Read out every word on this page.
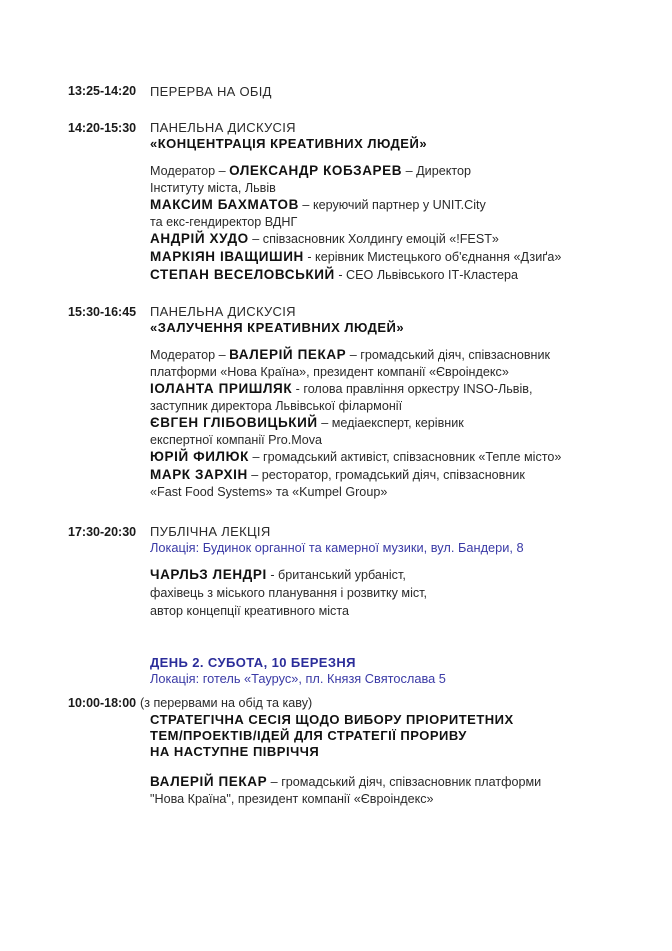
13:25-14:20 ПЕРЕРВА НА ОБІД
14:20-15:30 ПАНЕЛЬНА ДИСКУСІЯ
«КОНЦЕНТРАЦІЯ КРЕАТИВНИХ ЛЮДЕЙ»
Модератор – ОЛЕКСАНДР КОБЗАРЕВ – Директор
Інституту міста, Львів
МАКСИМ БАХМАТОВ – керуючий партнер у UNIT.City
та екс-гендиректор ВДНГ
АНДРІЙ ХУДО – співзасновник Холдингу емоцій «!FEST»
МАРКІЯН ІВАЩИШИН - керівник Мистецького об'єднання «Дзиґа»
СТЕПАН ВЕСЕЛОВСЬКИЙ - CEO Львівського ІТ-Кластера
15:30-16:45 ПАНЕЛЬНА ДИСКУСІЯ
«ЗАЛУЧЕННЯ КРЕАТИВНИХ ЛЮДЕЙ»
Модератор – ВАЛЕРІЙ ПЕКАР – громадський діяч, співзасновник
платформи «Нова Країна», президент компанії «Євроіндекс»
ІОЛАНТА ПРИШЛЯК - голова правління оркестру INSO-Львів,
заступник директора Львівської філармонії
ЄВГЕН ГЛІБОВИЦЬКИЙ – медіаексперт, керівник
експертної компанії Pro.Mova
ЮРІЙ ФИЛЮК – громадський активіст, співзасновник «Тепле місто»
МАРК ЗАРХІН – ресторатор, громадський діяч, співзасновник
«Fast Food Systems» та «Kumpel Group»
17:30-20:30 ПУБЛІЧНА ЛЕКЦІЯ
Локація: Будинок органної та камерної музики, вул. Бандери, 8
ЧАРЛЬЗ ЛЕНДРІ - британський урбаніст,
фахівець з міського планування і розвитку міст,
автор концепції креативного міста
ДЕНЬ 2. СУБОТА, 10 БЕРЕЗНЯ
Локація: готель «Таурус», пл. Князя Святослава 5
10:00-18:00 (з перервами на обід та каву)
СТРАТЕГІЧНА СЕСІЯ ЩОДО ВИБОРУ ПРІОРИТЕТНИХ
ТЕМ/ПРОЕКТІВ/ІДЕЙ ДЛЯ СТРАТЕГІЇ ПРОРИВУ
НА НАСТУПНЕ ПІВРІЧЧЯ
ВАЛЕРІЙ ПЕКАР – громадський діяч, співзасновник платформи
"Нова Країна", президент компанії «Євроіндекс»
